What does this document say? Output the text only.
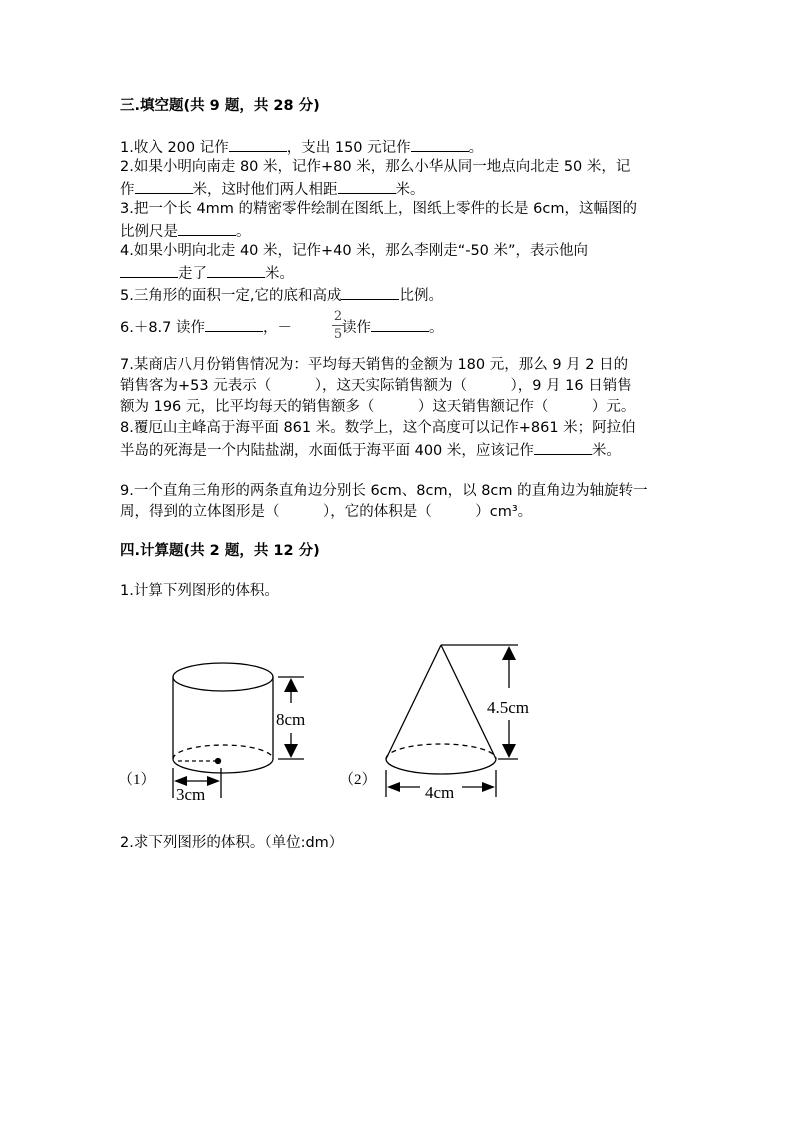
三.填空题(共 9 题，共 28 分)
1.收入 200 记作	，支出 150 元记作	。
2.如果小明向南走 80 米，记作+80 米，那么小华从同一地点向北走 50 米，记
作	米，这时他们两人相距	米。
3.把一个长 4mm 的精密零件绘制在图纸上，图纸上零件的长是 6cm，这幅图的
比例尺是	。
4.如果小明向北走 40 米，记作+40 米，那么李刚走“-50 米”，表示他向
走了	米。
5.三角形的面积一定,它的底和高成	比例。
6.＋8.7 读作	，－	读作	。
2
5
7.某商店八月份销售情况为：平均每天销售的金额为 180 元，那么 9 月 2 日的
销售客为+53 元表示（　　　），这天实际销售额为（　　　），9 月 16 日销售
额为 196 元，比平均每天的销售额多（　　　）这天销售额记作（　　　）元。
8.覆厄山主峰高于海平面 861 米。数学上，这个高度可以记作+861 米；阿拉伯
半岛的死海是一个内陆盐湖，水面低于海平面 400 米，应该记作	米。
9.一个直角三角形的两条直角边分别长 6cm、8cm，以 8cm 的直角边为轴旋转一
周，得到的立体图形是（　　　），它的体积是（　　　）cm³。
四.计算题(共 2 题，共 12 分)
1.计算下列图形的体积。
8cm
3cm
（1）
4.5cm
4cm
（2）
2.求下列图形的体积。（单位:dm）
